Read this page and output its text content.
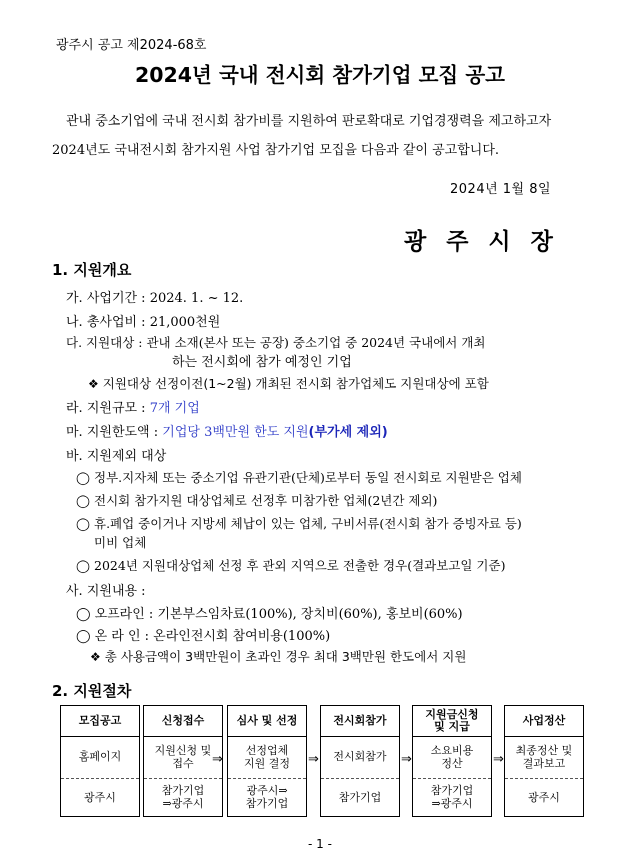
광주시 공고 제2024-68호
2024년 국내 전시회 참가기업 모집 공고
관내 중소기업에 국내 전시회 참가비를 지원하여 판로확대로 기업경쟁력을 제고하고자
2024년도 국내전시회 참가지원 사업 참가기업 모집을 다음과 같이 공고합니다.
2024년 1월 8일
광주시장
1. 지원개요
가. 사업기간 : 2024. 1. ~ 12.
나. 총사업비 : 21,000천원
다. 지원대상 : 관내 소재(본사 또는 공장) 중소기업 중 2024년 국내에서 개최
하는 전시회에 참가 예정인 기업
❖ 지원대상 선정이전(1~2월) 개최된 전시회 참가업체도 지원대상에 포함
라. 지원규모 : 7개 기업
마. 지원한도액 : 기업당 3백만원 한도 지원(부가세 제외)
바. 지원제외 대상
◯ 정부.지자체 또는 중소기업 유관기관(단체)로부터 동일 전시회로 지원받은 업체
◯ 전시회 참가지원 대상업체로 선정후 미참가한 업체(2년간 제외)
◯ 휴.폐업 중이거나 지방세 체납이 있는 업체, 구비서류(전시회 참가 증빙자료 등)
미비 업체
◯ 2024년 지원대상업체 선정 후 관외 지역으로 전출한 경우(결과보고일 기준)
사. 지원내용 :
◯ 오프라인 : 기본부스임차료(100%), 장치비(60%), 홍보비(60%)
◯ 온 라 인 : 온라인전시회 참여비용(100%)
❖ 총 사용금액이 3백만원이 초과인 경우 최대 3백만원 한도에서 지원
2. 지원절차
모집공고
홈페이지
광주시
신청접수
지원신청 및
접수
참가기업
⇒광주시
⇒
심사 및 선정
선정업체
지원 결정
광주시⇒
참가기업
⇒
전시회참가
전시회참가
참가기업
⇒
지원금신청
및 지급
소요비용
정산
참가기업
⇒광주시
⇒
사업정산
최종정산 및
결과보고
광주시
- 1 -
